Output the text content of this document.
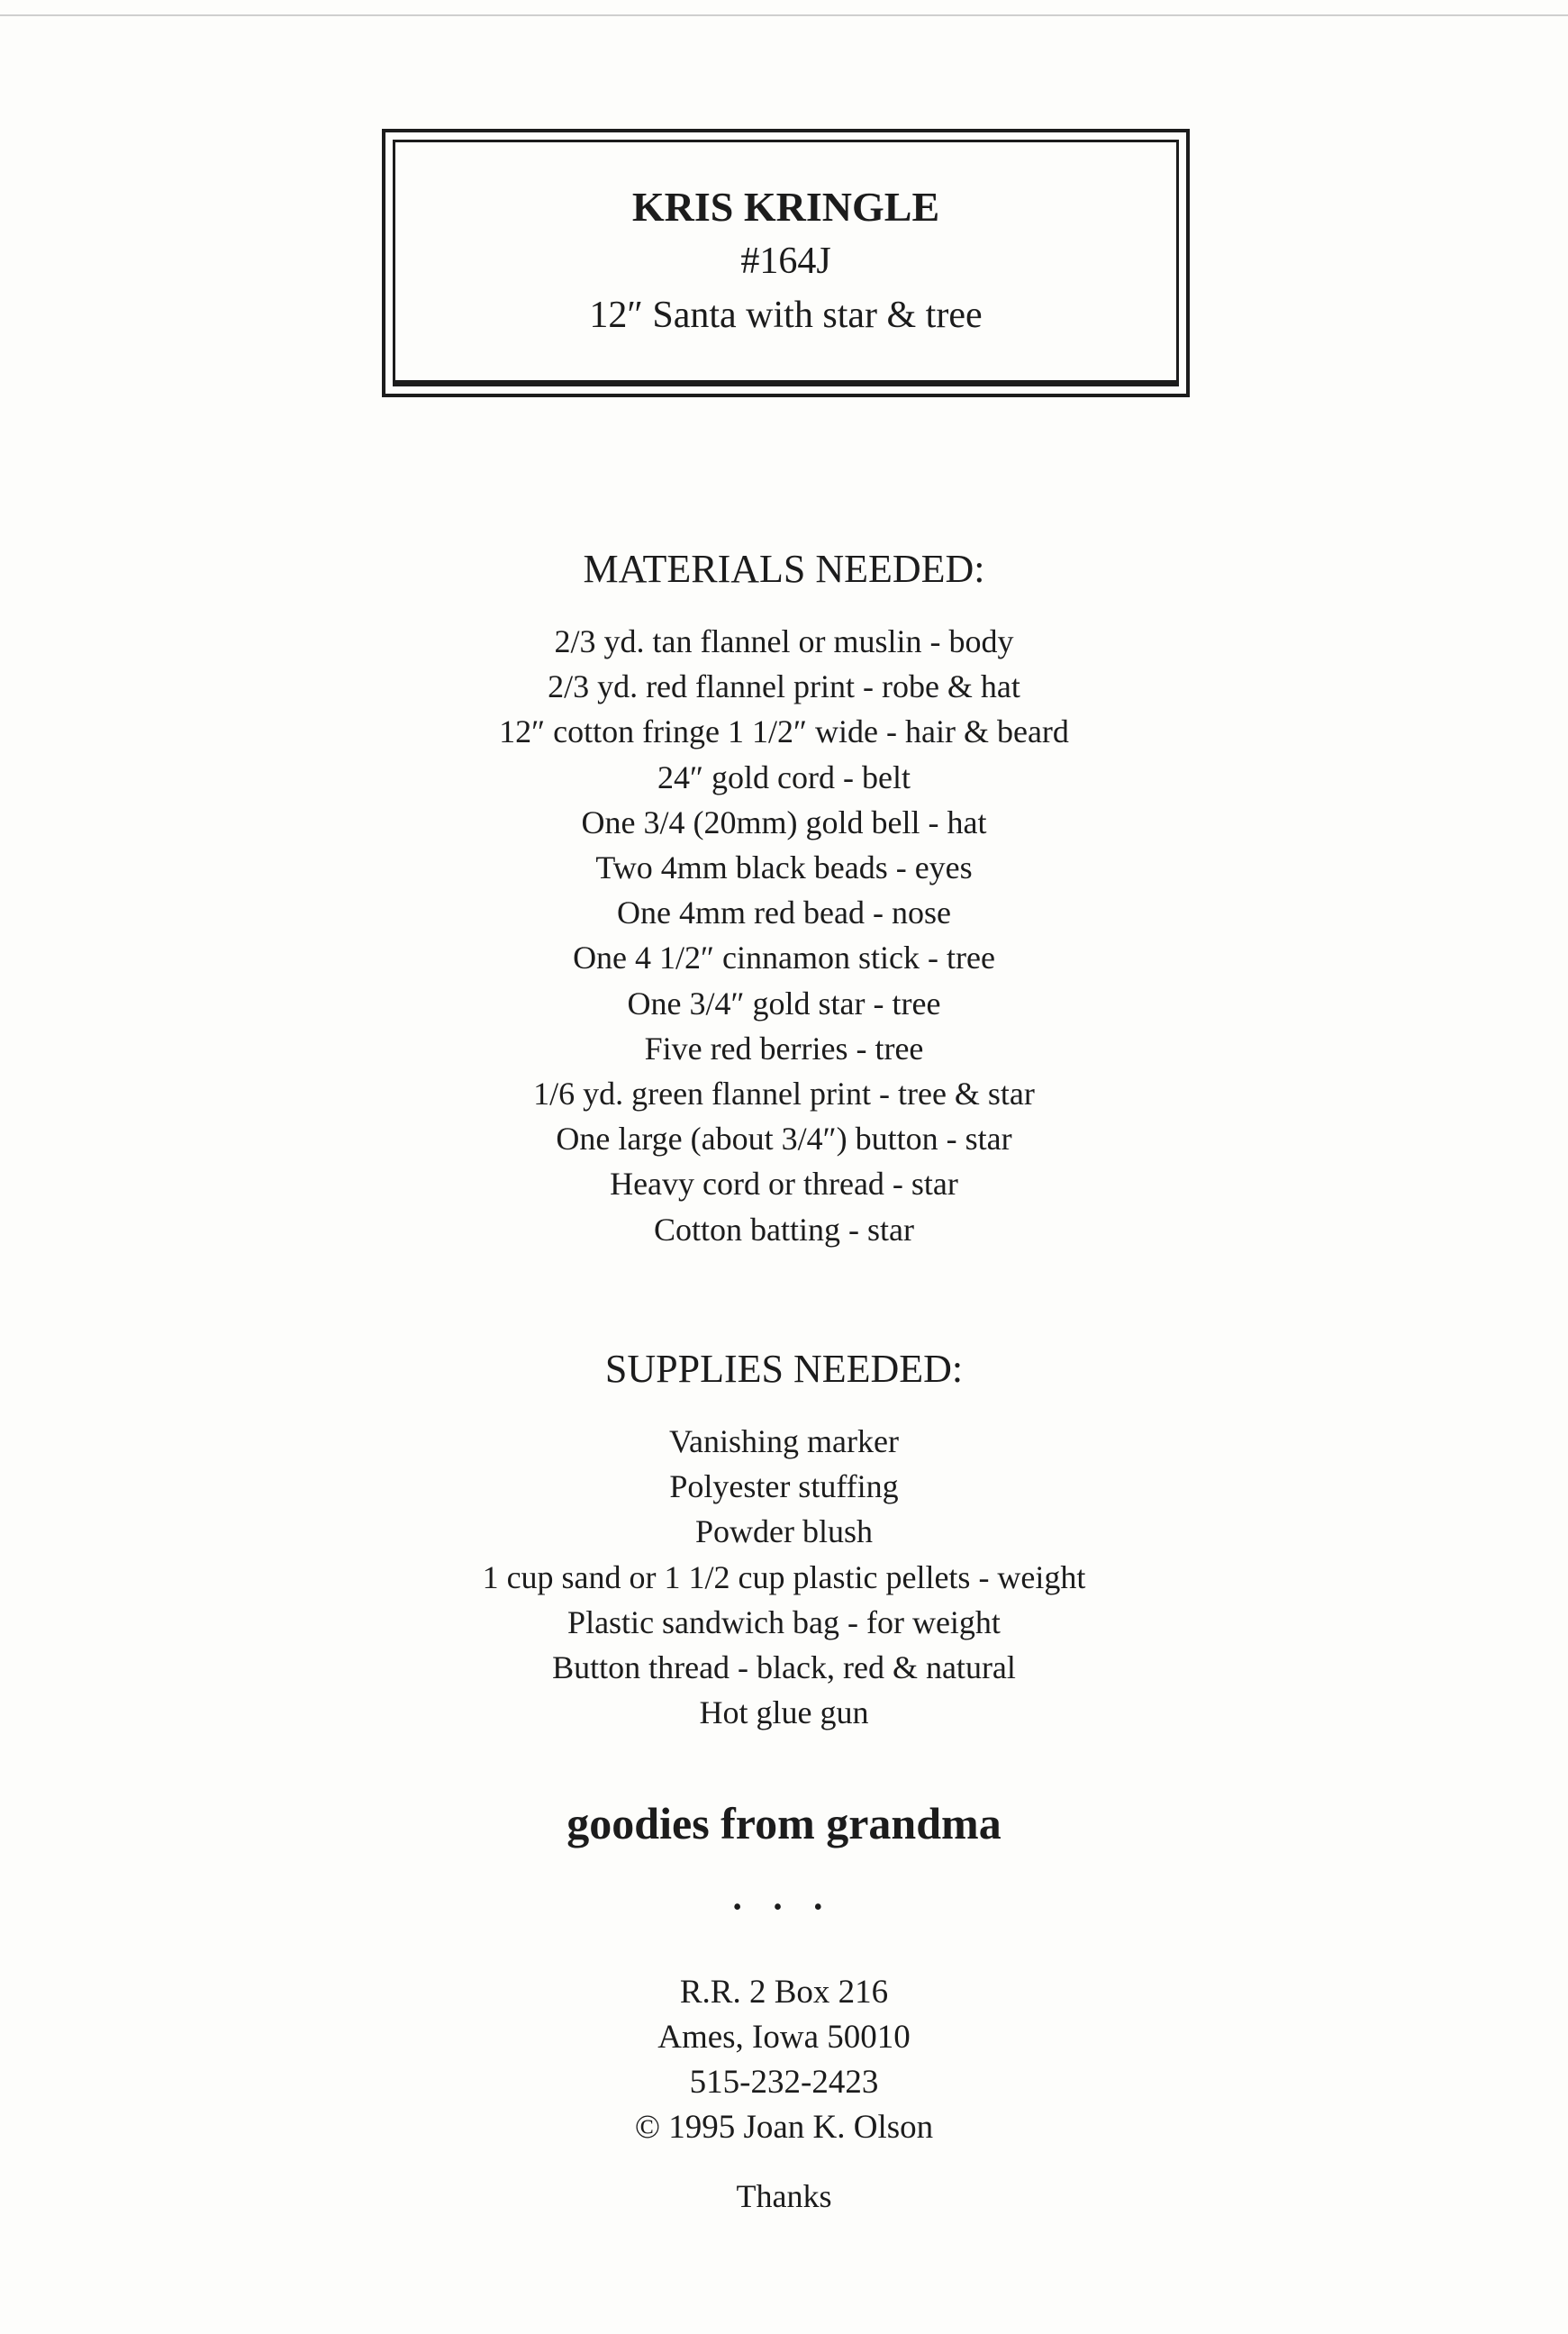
KRIS KRINGLE
#164J
12″ Santa with star & tree
MATERIALS NEEDED:
2/3 yd. tan flannel or muslin - body
2/3 yd. red flannel print - robe & hat
12″ cotton fringe 1 1/2″ wide - hair & beard
24″ gold cord - belt
One 3/4 (20mm) gold bell - hat
Two 4mm black beads - eyes
One 4mm red bead - nose
One 4 1/2″ cinnamon stick - tree
One 3/4″ gold star - tree
Five red berries - tree
1/6 yd. green flannel print - tree & star
One large (about 3/4″) button - star
Heavy cord or thread - star
Cotton batting - star
SUPPLIES NEEDED:
Vanishing marker
Polyester stuffing
Powder blush
1 cup sand or 1 1/2 cup plastic pellets - weight
Plastic sandwich bag - for weight
Button thread - black, red & natural
Hot glue gun
goodies from grandma
• • •
R.R. 2 Box 216
Ames, Iowa 50010
515-232-2423
© 1995 Joan K. Olson
Thanks
